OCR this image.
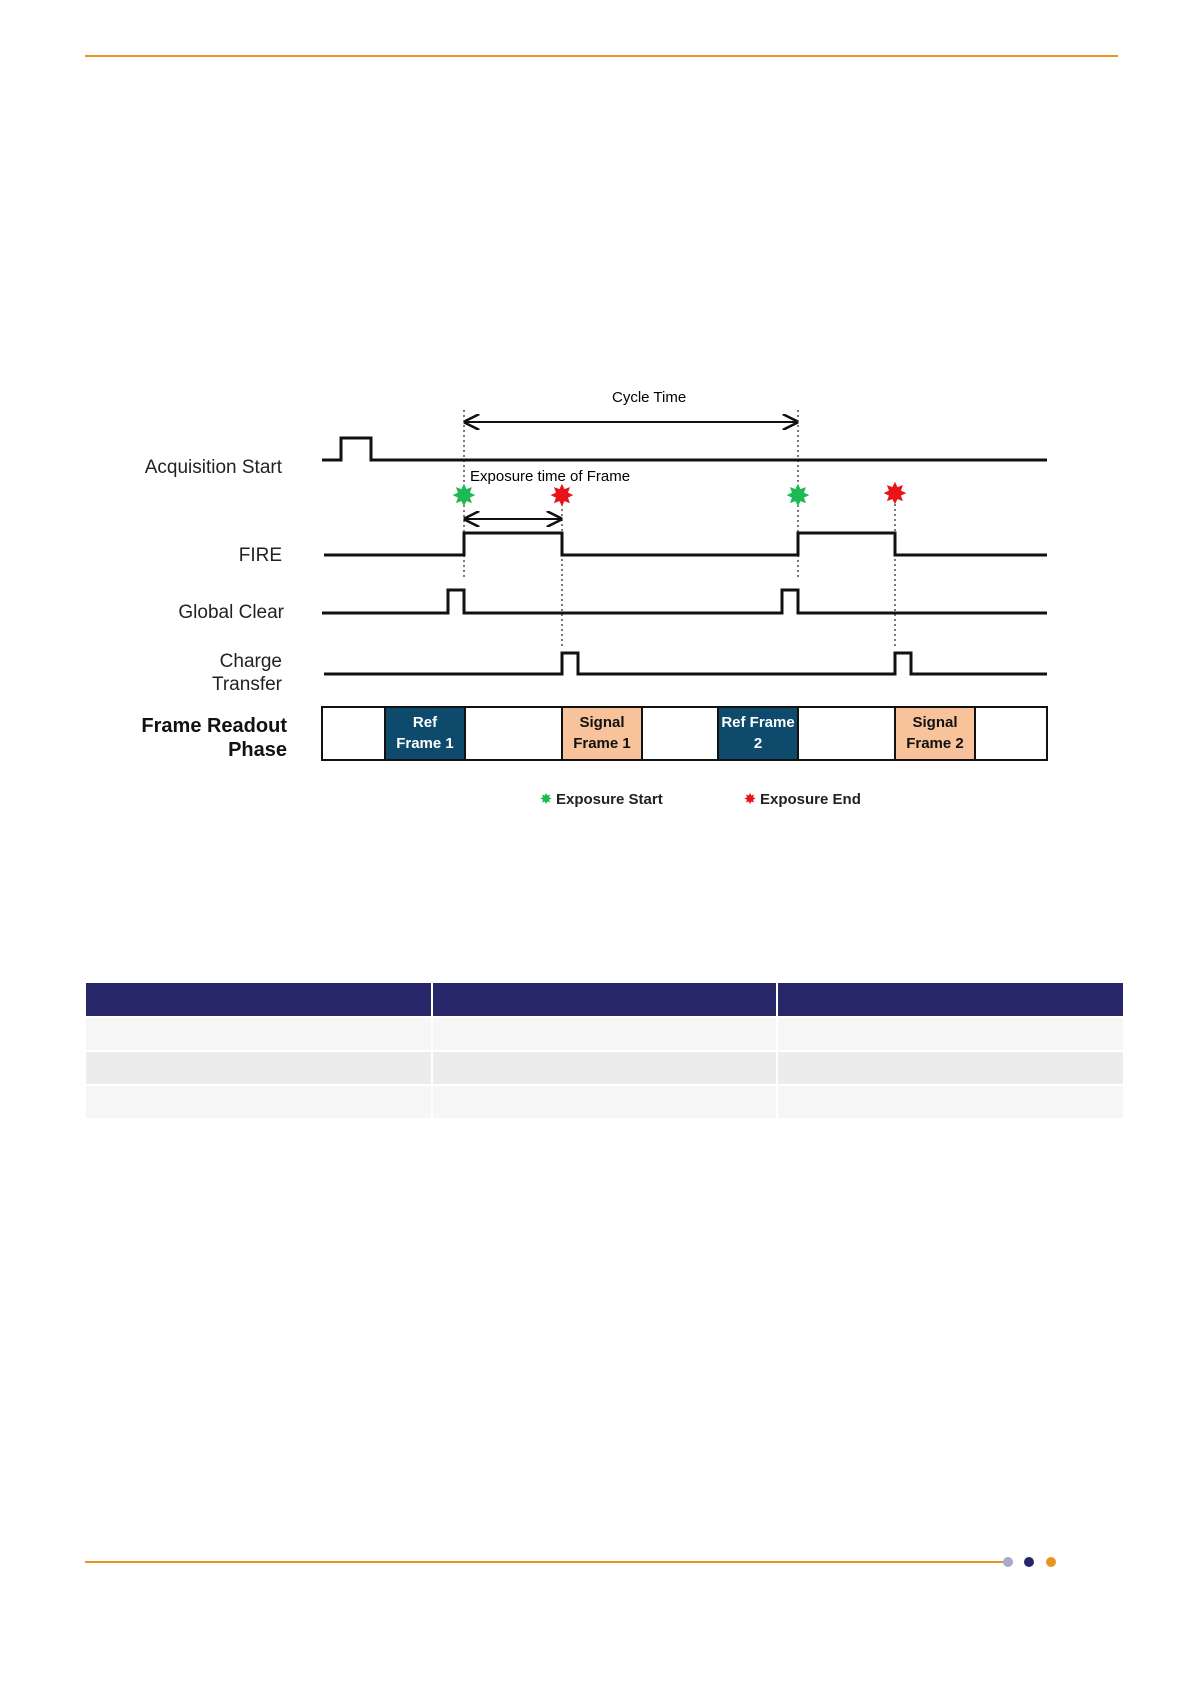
Cycle Time
Acquisition Start	Exposure time of Frame
✸ ✸	✸ ✸
FIRE
Global Clear
Charge
Transfer
Frame Readout
Phase
Ref
Frame 1
Signal
Frame 1
Ref Frame
2
Signal
Frame 2
✸ Exposure Start	✸ Exposure End
